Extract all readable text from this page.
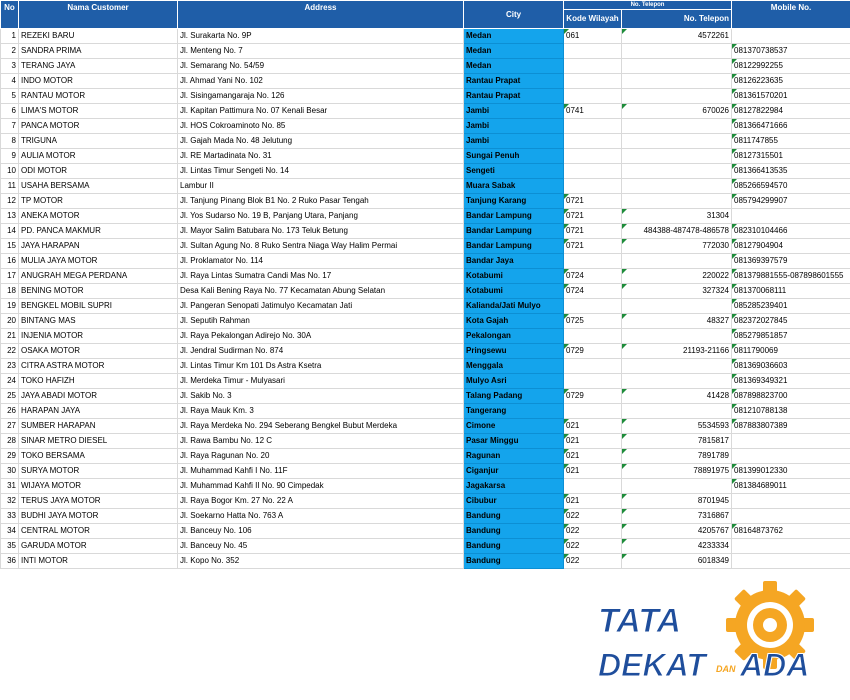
No	Nama Customer	Address	City	No. Telepon		Mobile No.
				Kode Wilayah	No. Telepon	
1	REZEKI BARU	Jl. Surakarta No. 9P	Medan	061	4572261	
2	SANDRA PRIMA	Jl. Menteng No. 7	Medan			081370738537
3	TERANG JAYA	Jl. Semarang No. 54/59	Medan			08122992255
4	INDO MOTOR	Jl. Ahmad Yani No. 102	Rantau Prapat			08126223635
5	RANTAU MOTOR	Jl. Sisingamangaraja No. 126	Rantau Prapat			081361570201
6	LIMA'S MOTOR	Jl. Kapitan Pattimura No. 07 Kenali Besar	Jambi	0741	670026	08127822984
7	PANCA MOTOR	Jl. HOS Cokroaminoto No. 85	Jambi			081366471666
8	TRIGUNA	Jl. Gajah Mada No. 48 Jelutung	Jambi			0811747855
9	AULIA MOTOR	Jl. RE Martadinata No. 31	Sungai Penuh			08127315501
10	ODI MOTOR	Jl. Lintas Timur Sengeti No. 14	Sengeti			081366413535
11	USAHA BERSAMA	Lambur II	Muara Sabak			085266594570
12	TP MOTOR	Jl. Tanjung Pinang Blok B1 No. 2 Ruko Pasar Tengah	Tanjung Karang	0721		085794299907
13	ANEKA MOTOR	Jl. Yos Sudarso No. 19 B, Panjang Utara, Panjang	Bandar Lampung	0721	31304	
14	PD. PANCA MAKMUR	Jl. Mayor Salim Batubara No. 173 Teluk Betung	Bandar Lampung	0721	484388-487478-486578	082310104466
15	JAYA HARAPAN	Jl. Sultan Agung No. 8 Ruko Sentra Niaga Way Halim Permai	Bandar Lampung	0721	772030	08127904904
16	MULIA JAYA MOTOR	Jl. Proklamator No. 114	Bandar Jaya			081369397579
17	ANUGRAH MEGA PERDANA	Jl. Raya Lintas Sumatra Candi Mas No. 17	Kotabumi	0724	220022	081379881555-087898601555
18	BENING MOTOR	Desa Kali Bening Raya No. 77 Kecamatan Abung Selatan	Kotabumi	0724	327324	081370068111
19	BENGKEL MOBIL SUPRI	Jl. Pangeran Senopati Jatimulyo Kecamatan Jati	Kalianda/Jati Mulyo			085285239401
20	BINTANG MAS	Jl. Seputih Rahman	Kota Gajah	0725	48327	082372027845
21	INJENIA MOTOR	Jl. Raya Pekalongan Adirejo No. 30A	Pekalongan			085279851857
22	OSAKA MOTOR	Jl. Jendral Sudirman No. 874	Pringsewu	0729	21193-21166	0811790069
23	CITRA ASTRA MOTOR	Jl. Lintas Timur Km 101 Ds Astra Ksetra	Menggala			081369036603
24	TOKO HAFIZH	Jl. Merdeka Timur - Mulyasari	Mulyo Asri			081369349321
25	JAYA ABADI MOTOR	Jl. Sakib No. 3	Talang Padang	0729	41428	087898823700
26	HARAPAN JAYA	Jl. Raya Mauk Km. 3	Tangerang			081210788138
27	SUMBER HARAPAN	Jl. Raya Merdeka No. 294 Seberang Bengkel Bubut Merdeka	Cimone	021	5534593	087883807389
28	SINAR METRO DIESEL	Jl. Rawa Bambu No. 12 C	Pasar Minggu	021	7815817	
29	TOKO BERSAMA	Jl. Raya Ragunan No. 20	Ragunan	021	7891789	
30	SURYA MOTOR	Jl. Muhammad Kahfi I No. 11F	Ciganjur	021	78891975	081399012330
31	WIJAYA MOTOR	Jl. Muhammad Kahfi II No. 90 Cimpedak	Jagakarsa			081384689011
32	TERUS JAYA MOTOR	Jl. Raya Bogor Km. 27 No. 22 A	Cibubur	021	8701945	
33	BUDHI JAYA MOTOR	Jl. Soekarno Hatta No. 763 A	Bandung	022	7316867	
34	CENTRAL MOTOR	Jl. Banceuy No. 106	Bandung	022	4205767	08164873762
35	GARUDA MOTOR	Jl. Banceuy No. 45	Bandung	022	4233334	
36	INTI MOTOR	Jl. Kopo No. 352	Bandung	022	6018349	
TATA
DEKAT DAN ADA
